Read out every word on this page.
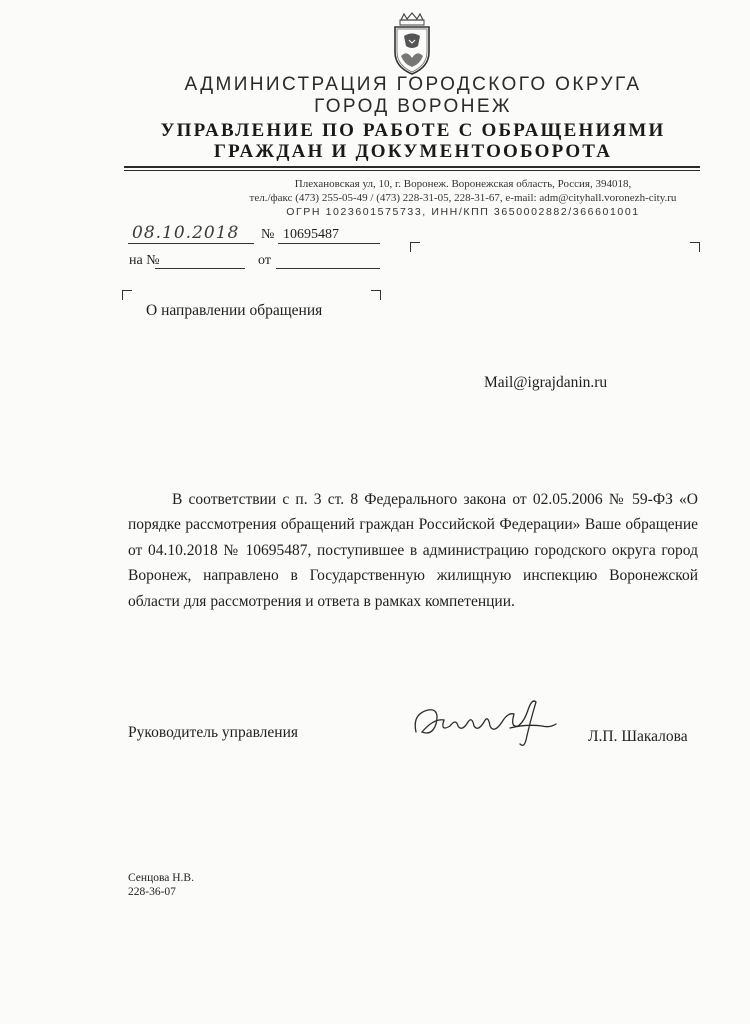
АДМИНИСТРАЦИЯ ГОРОДСКОГО ОКРУГА
ГОРОД ВОРОНЕЖ
УПРАВЛЕНИЕ ПО РАБОТЕ С ОБРАЩЕНИЯМИ
ГРАЖДАН И ДОКУМЕНТООБОРОТА
Плехановская ул, 10, г. Воронеж. Воронежская область, Россия, 394018,
тел./факс (473) 255-05-49 / (473) 228-31-05, 228-31-67, e-mail: adm@cityhall.voronezh-city.ru
ОГРН 1023601575733, ИНН/КПП 3650002882/366601001
08.10.2018 № 10695487
на №	от
О направлении обращения
Mail@igrajdanin.ru

В соответствии с п. 3 ст. 8 Федерального закона от 02.05.2006 № 59-ФЗ «О порядке рассмотрения обращений граждан Российской Федерации» Ваше обращение от 04.10.2018 № 10695487, поступившее в администрацию городского округа город Воронеж, направлено в Государственную жилищную инспекцию Воронежской области для рассмотрения и ответа в рамках компетенции.

Руководитель управления	Л.П. Шакалова
Сенцова Н.В.
228-36-07
